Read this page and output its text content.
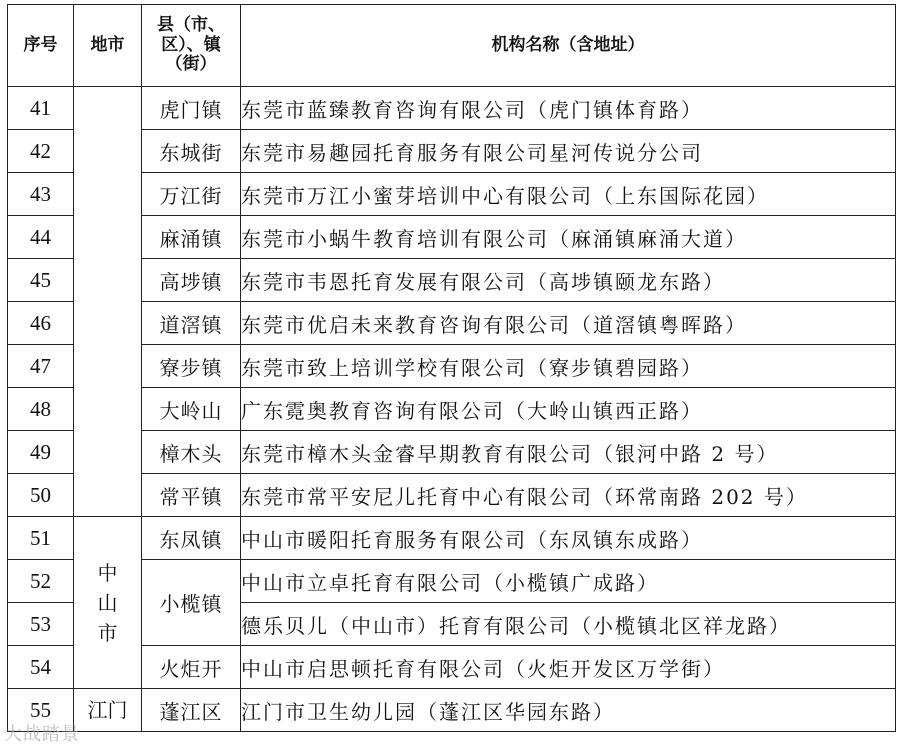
序号	地市	县（市、区）、镇（街）	机构名称（含地址）
41		虎门镇	东莞市蓝臻教育咨询有限公司（虎门镇体育路）
42		东城街	东莞市易趣园托育服务有限公司星河传说分公司
43		万江街	东莞市万江小蜜芽培训中心有限公司（上东国际花园）
44		麻涌镇	东莞市小蜗牛教育培训有限公司（麻涌镇麻涌大道）
45		高埗镇	东莞市韦恩托育发展有限公司（高埗镇颐龙东路）
46		道滘镇	东莞市优启未来教育咨询有限公司（道滘镇粤晖路）
47		寮步镇	东莞市致上培训学校有限公司（寮步镇碧园路）
48		大岭山	广东霓奥教育咨询有限公司（大岭山镇西正路）
49		樟木头	东莞市樟木头金睿早期教育有限公司（银河中路 2 号）
50		常平镇	东莞市常平安尼儿托育中心有限公司（环常南路 202 号）
51	中山市	东凤镇	中山市暖阳托育服务有限公司（东凤镇东成路）
52		小榄镇	中山市立卓托育有限公司（小榄镇广成路）
53			德乐贝儿（中山市）托育有限公司（小榄镇北区祥龙路）
54		火炬开	中山市启思顿托育有限公司（火炬开发区万学街）
55	江门	蓬江区	江门市卫生幼儿园（蓬江区华园东路）
大战踏景
